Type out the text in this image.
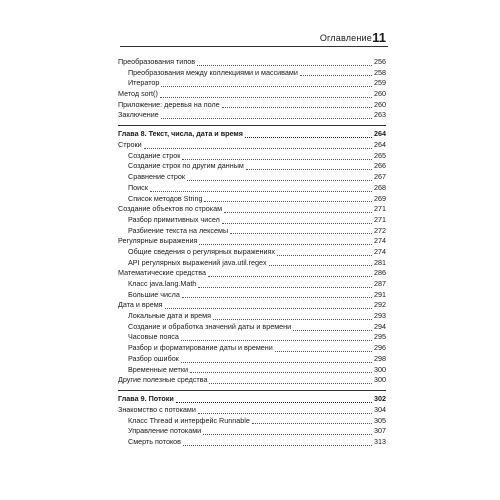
Оглавление 11
Преобразования типов	256
Преобразования между коллекциями и массивами	258
Итератор	259
Метод sort()	260
Приложение: деревья на поле	260
Заключение	263
Глава 8. Текст, числа, дата и время	264
Строки	264
Создание строк	265
Создание строк по другим данным	266
Сравнение строк	267
Поиск	268
Список методов String	269
Создание объектов по строкам	271
Разбор примитивных чисел	271
Разбиение текста на лексемы	272
Регулярные выражения	274
Общие сведения о регулярных выражениях	274
API регулярных выражений java.util.regex	281
Математические средства	286
Класс java.lang.Math	287
Большие числа	291
Дата и время	292
Локальные дата и время	293
Создание и обработка значений даты и времени	294
Часовые пояса	295
Разбор и форматирование даты и времени	296
Разбор ошибок	298
Временные метки	300
Другие полезные средства	300
Глава 9. Потоки	302
Знакомство с потоками	304
Класс Thread и интерфейс Runnable	305
Управление потоками	307
Смерть потоков	313
